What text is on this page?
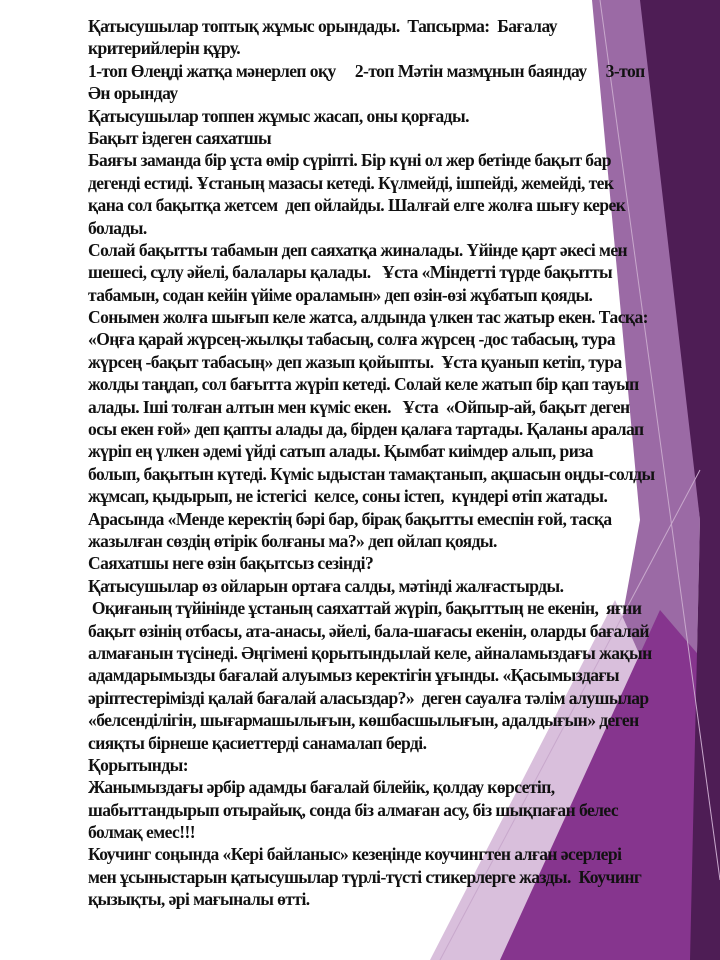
Қатысушылар топтық жұмыс орындады.  Тапсырма:  Бағалау
критерийлерін құру.
1-топ Өлеңді жатқа мәнерлеп оқу     2-топ Мәтін мазмұнын баяндау     3-топ
Ән орындау
Қатысушылар топпен жұмыс жасап, оны қорғады.
Бақыт іздеген саяхатшы
Баяғы заманда бір ұста өмір сүріпті. Бір күні ол жер бетінде бақыт бар
дегенді естиді. Ұстаның мазасы кетеді. Күлмейді, ішпейді, жемейді, тек
қана сол бақытқа жетсем  деп ойлайды. Шалғай елге жолға шығу керек
болады.
Солай бақытты табамын деп саяхатқа жиналады. Үйінде қарт әкесі мен
шешесі, сұлу әйелі, балалары қалады.   Ұста «Міндетті түрде бақытты
табамын, содан кейін үйіме ораламын» деп өзін-өзі жұбатып қояды.
Сонымен жолға шығып келе жатса, алдында үлкен тас жатыр екен. Тасқа:
«Оңға қарай жүрсең-жылқы табасың, солға жүрсең -дос табасың, тура
жүрсең -бақыт табасың» деп жазып қойыпты.  Ұста қуанып кетіп, тура
жолды таңдап, сол бағытта жүріп кетеді. Солай келе жатып бір қап тауып
алады. Іші толған алтын мен күміс екен.   Ұста  «Ойпыр-ай, бақыт деген
осы екен ғой» деп қапты алады да, бірден қалаға тартады. Қаланы аралап
жүріп ең үлкен әдемі үйді сатып алады. Қымбат киімдер алып, риза
болып, бақытын күтеді. Күміс ыдыстан тамақтанып, ақшасын оңды-солды
жұмсап, қыдырып, не істегісі  келсе, соны істеп,  күндері өтіп жатады.
Арасында «Менде керектің бәрі бар, бірақ бақытты емеспін ғой, тасқа
жазылған сөздің өтірік болғаны ма?» деп ойлап қояды.
Саяхатшы неге өзін бақытсыз сезінді?
Қатысушылар өз ойларын ортаға салды, мәтінді жалғастырды.
Оқиғаның түйінінде ұстаның саяхаттай жүріп, бақыттың не екенін,  яғни
бақыт өзінің отбасы, ата-анасы, әйелі, бала-шағасы екенін, оларды бағалай
алмағанын түсінеді. Әңгімені қорытындылай келе, айналамыздағы жақын
адамдарымызды бағалай алуымыз керектігін ұғынды. «Қасымыздағы
әріптестерімізді қалай бағалай аласыздар?»  деген сауалға тәлім алушылар
«белсенділігін, шығармашылығын, көшбасшылығын, адалдығын» деген
сияқты бірнеше қасиеттерді санамалап берді.
Қорытынды:
Жанымыздағы әрбір адамды бағалай білейік, қолдау көрсетіп,
шабыттандырып отырайық, сонда біз алмаған асу, біз шықпаған белес
болмақ емес!!!
Коучинг соңында «Кері байланыс» кезеңінде коучингтен алған әсерлері
мен ұсыныстарын қатысушылар түрлі-түсті стикерлерге жазды.  Коучинг
қызықты, әрі мағыналы өтті.
